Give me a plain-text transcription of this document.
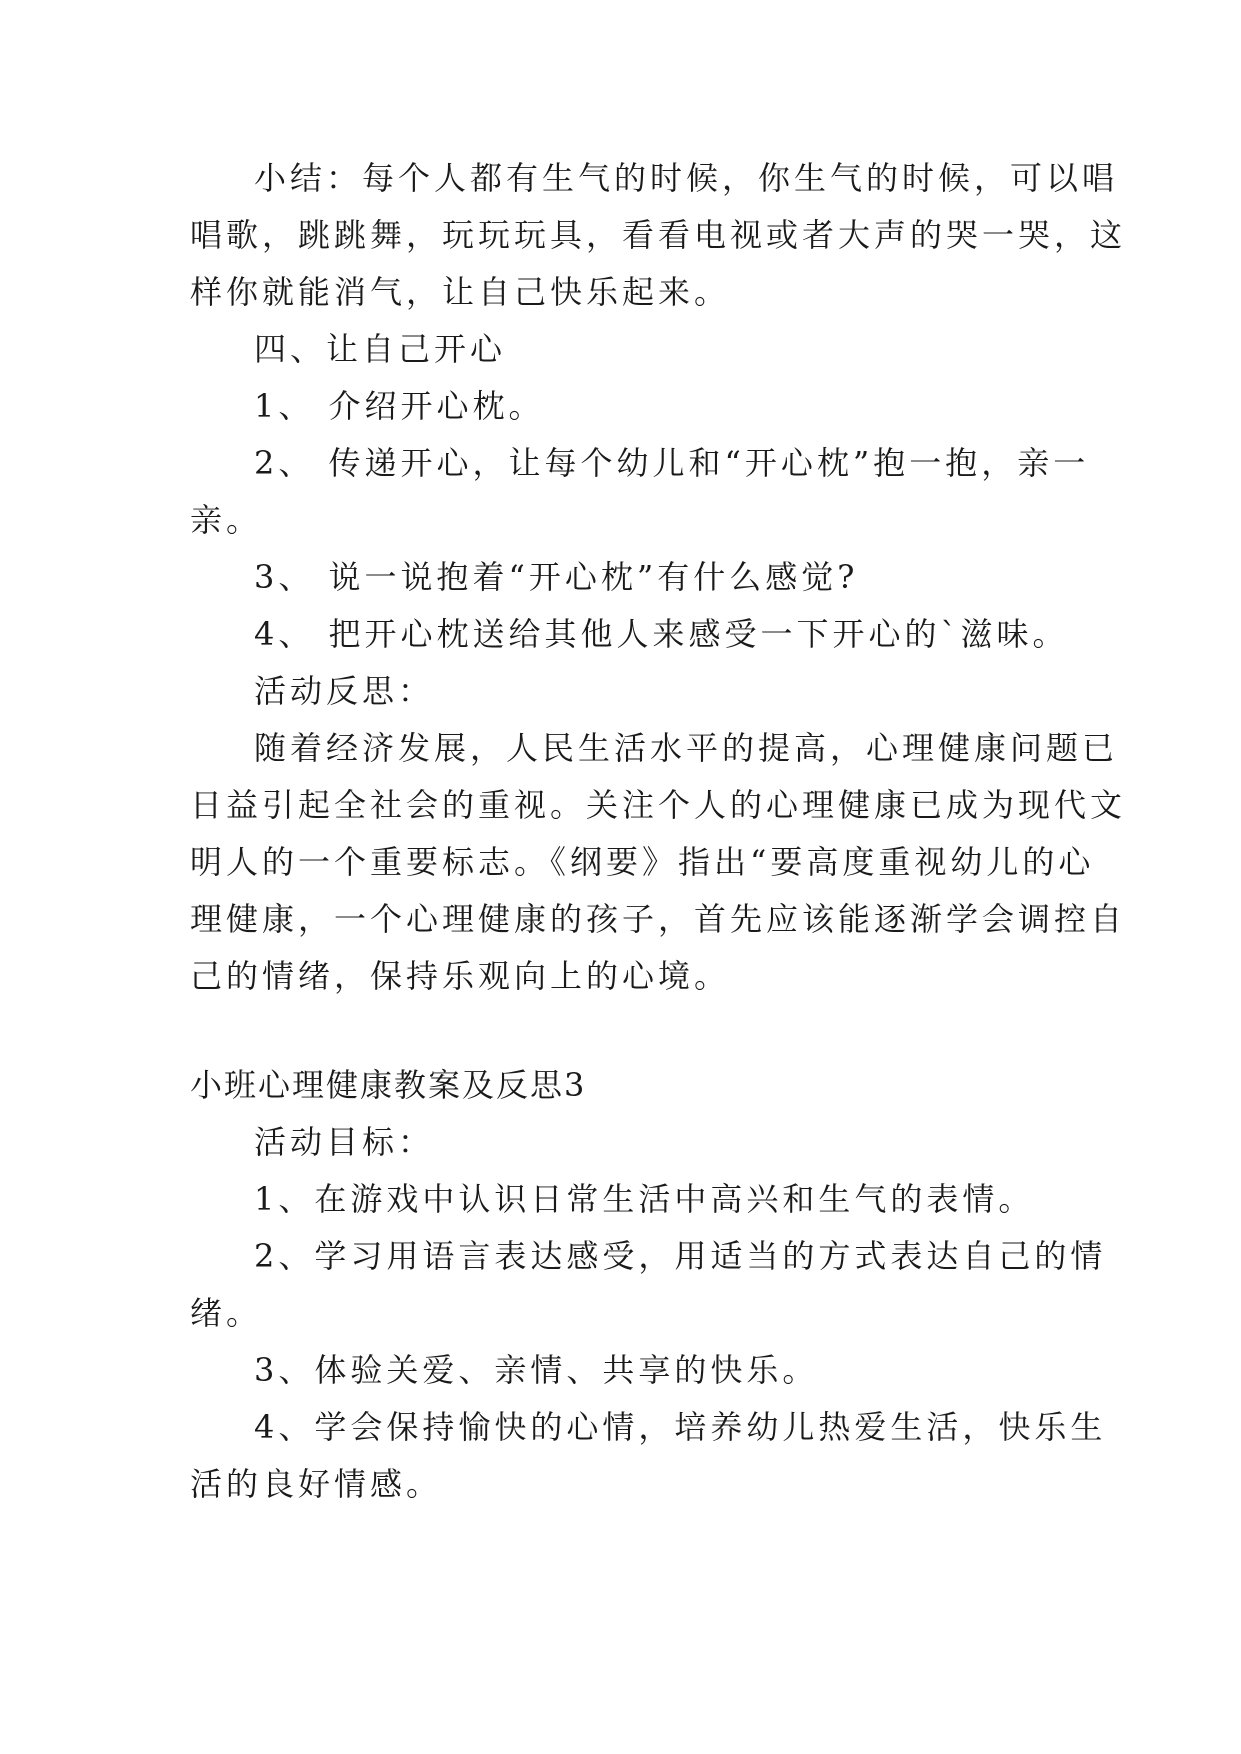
小结：每个人都有生气的时候，你生气的时候，可以唱
唱歌，跳跳舞，玩玩玩具，看看电视或者大声的哭一哭，这
样你就能消气，让自己快乐起来。
四、让自己开心
1、 介绍开心枕。
2、 传递开心，让每个幼儿和“开心枕”抱一抱，亲一
亲。
3、 说一说抱着“开心枕”有什么感觉?
4、 把开心枕送给其他人来感受一下开心的`滋味。
活动反思：
随着经济发展，人民生活水平的提高，心理健康问题已
日益引起全社会的重视。关注个人的心理健康已成为现代文
明人的一个重要标志。《纲要》指出“要高度重视幼儿的心
理健康，一个心理健康的孩子，首先应该能逐渐学会调控自
己的情绪，保持乐观向上的心境。
小班心理健康教案及反思3
活动目标：
1、在游戏中认识日常生活中高兴和生气的表情。
2、学习用语言表达感受，用适当的方式表达自己的情
绪。
3、体验关爱、亲情、共享的快乐。
4、学会保持愉快的心情，培养幼儿热爱生活，快乐生
活的良好情感。
